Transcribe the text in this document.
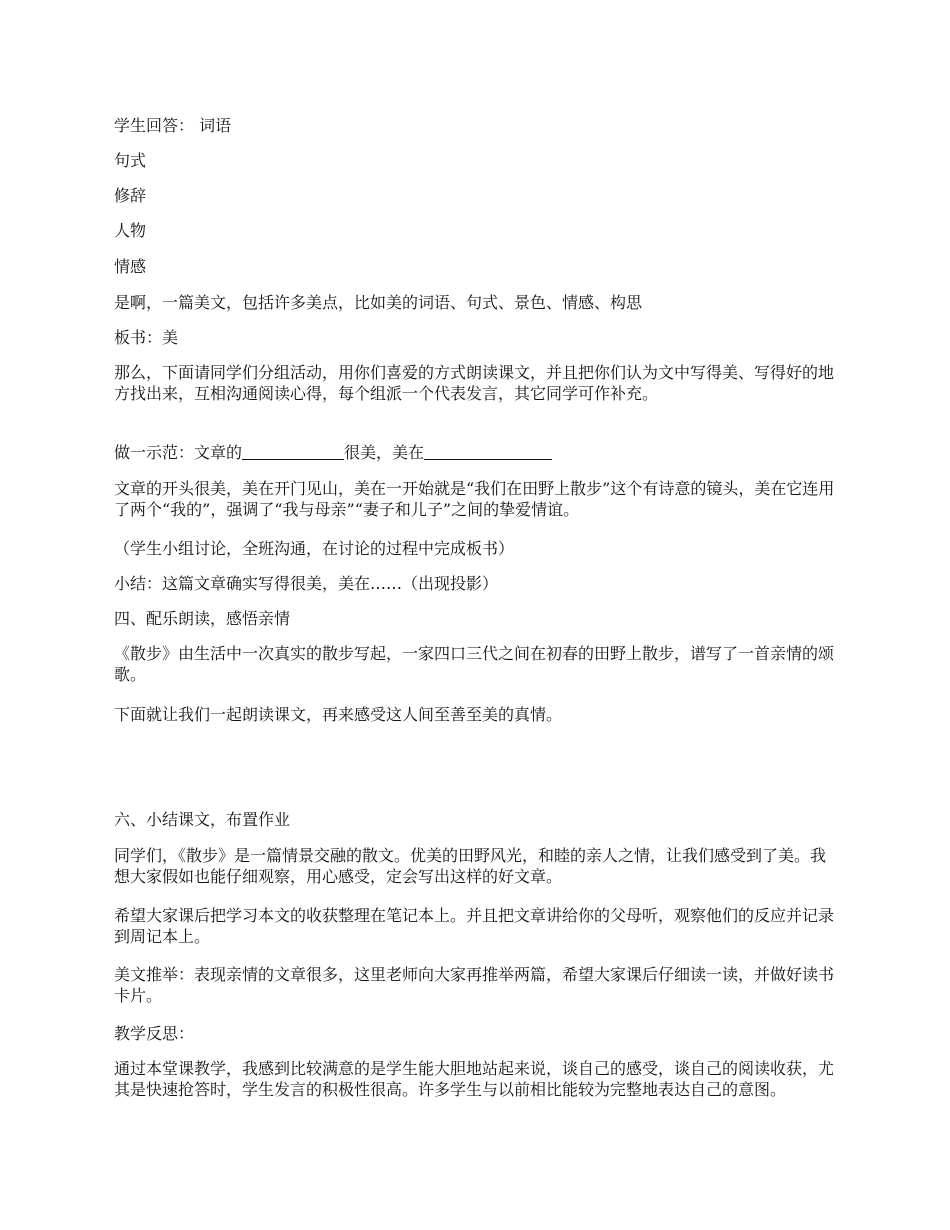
学生回答： 词语

句式

修辞

人物

情感

是啊，一篇美文，包括许多美点，比如美的词语、句式、景色、情感、构思

板书：美

那么，下面请同学们分组活动，用你们喜爱的方式朗读课文，并且把你们认为文中写得美、写得好的地方找出来，互相沟通阅读心得，每个组派一个代表发言，其它同学可作补充。

做一示范：文章的	很美，美在

文章的开头很美，美在开门见山，美在一开始就是“我们在田野上散步”这个有诗意的镜头，美在它连用了两个“我的”，强调了“我与母亲”“妻子和儿子”之间的挚爱情谊。

（学生小组讨论，全班沟通，在讨论的过程中完成板书）

小结：这篇文章确实写得很美，美在……（出现投影）

四、配乐朗读，感悟亲情

《散步》由生活中一次真实的散步写起，一家四口三代之间在初春的田野上散步，谱写了一首亲情的颂歌。

下面就让我们一起朗读课文，再来感受这人间至善至美的真情。

六、小结课文，布置作业

同学们，《散步》是一篇情景交融的散文。优美的田野风光，和睦的亲人之情，让我们感受到了美。我想大家假如也能仔细观察，用心感受，定会写出这样的好文章。

希望大家课后把学习本文的收获整理在笔记本上。并且把文章讲给你的父母听，观察他们的反应并记录到周记本上。

美文推举：表现亲情的文章很多，这里老师向大家再推举两篇，希望大家课后仔细读一读，并做好读书卡片。

教学反思：

通过本堂课教学，我感到比较满意的是学生能大胆地站起来说，谈自己的感受，谈自己的阅读收获，尤其是快速抢答时，学生发言的积极性很高。许多学生与以前相比能较为完整地表达自己的意图。
